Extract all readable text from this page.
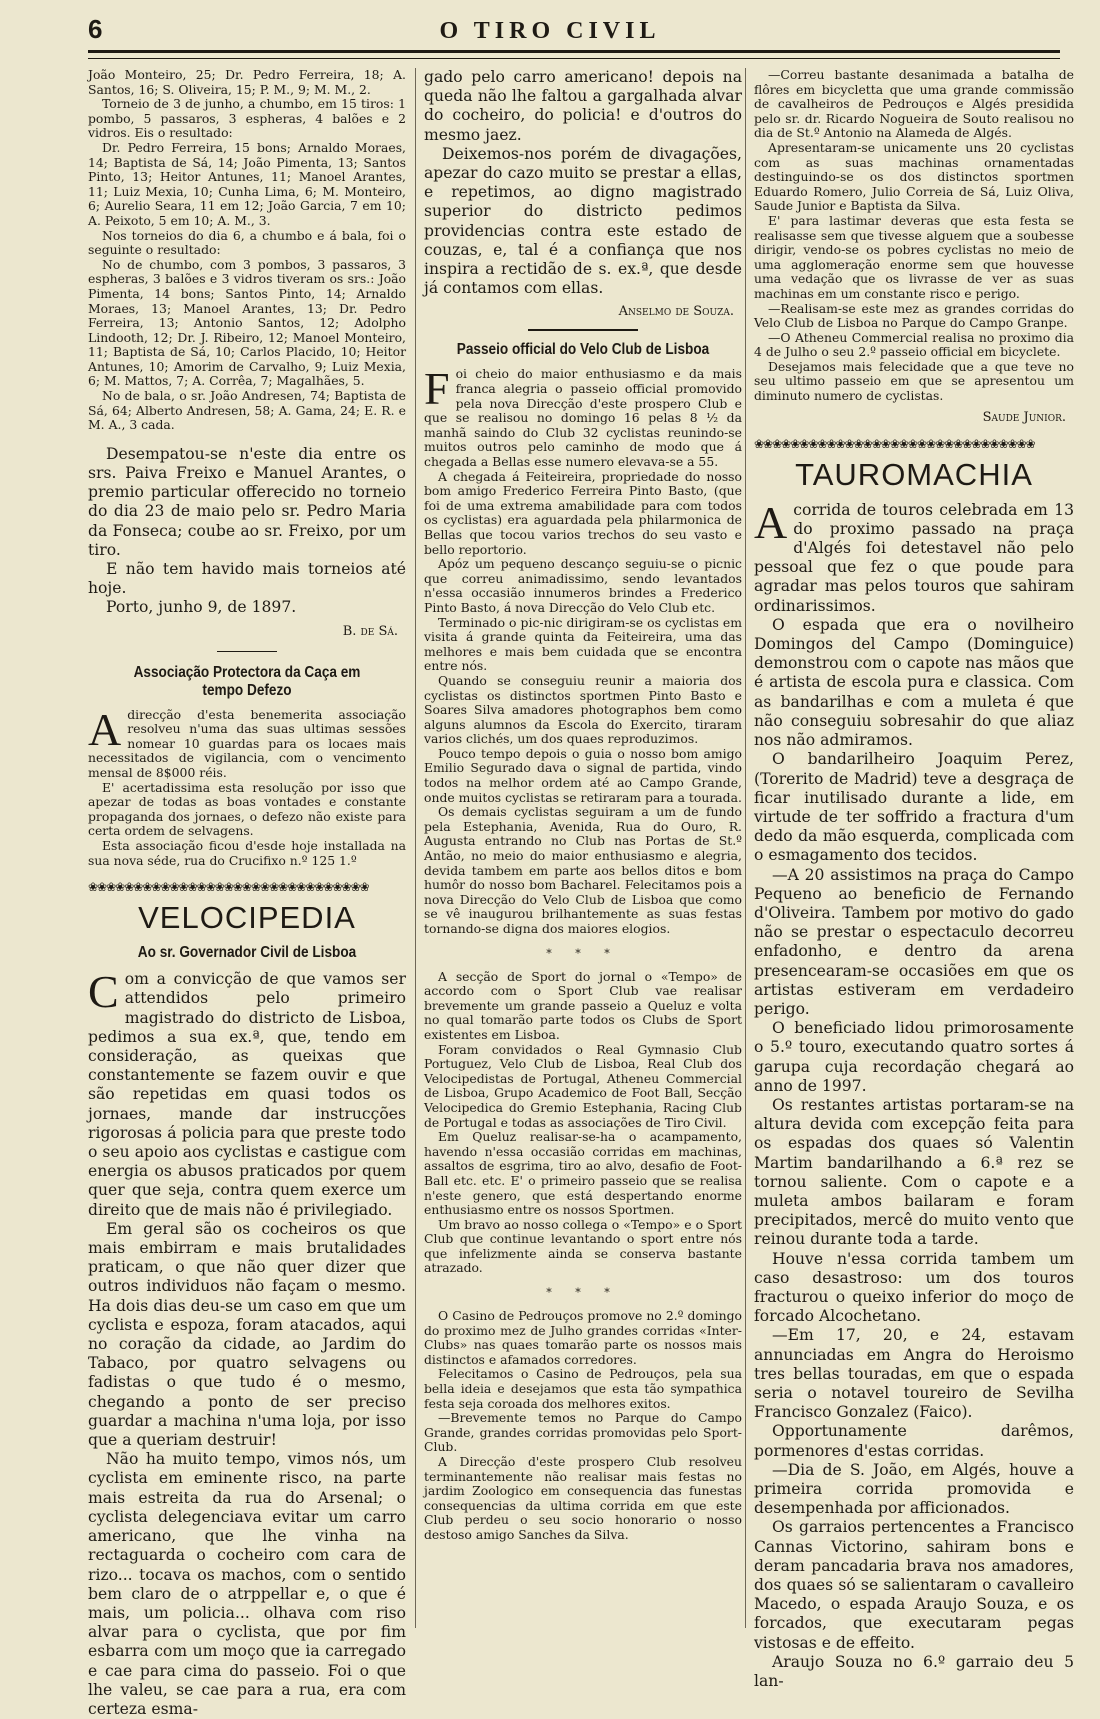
6	O TIRO CIVIL

João Monteiro, 25; Dr. Pedro Ferreira, 18; A. Santos, 16; S. Oliveira, 15; P. M., 9; M. M., 2.

Torneio de 3 de junho, a chumbo, em 15 tiros: 1 pombo, 5 passaros, 3 espheras, 4 balões e 2 vidros. Eis o resultado:

Dr. Pedro Ferreira, 15 bons; Arnaldo Moraes, 14; Baptista de Sá, 14; João Pimenta, 13; Santos Pinto, 13; Heitor Antunes, 11; Manoel Arantes, 11; Luiz Mexia, 10; Cunha Lima, 6; M. Monteiro, 6; Aurelio Seara, 11 em 12; João Garcia, 7 em 10; A. Peixoto, 5 em 10; A. M., 3.

Nos torneios do dia 6, a chumbo e á bala, foi o seguinte o resultado:

No de chumbo, com 3 pombos, 3 passaros, 3 espheras, 3 balões e 3 vidros tiveram os srs.: João Pimenta, 14 bons; Santos Pinto, 14; Arnaldo Moraes, 13; Manoel Arantes, 13; Dr. Pedro Ferreira, 13; Antonio Santos, 12; Adolpho Lindooth, 12; Dr. J. Ribeiro, 12; Manoel Monteiro, 11; Baptista de Sá, 10; Carlos Placido, 10; Heitor Antunes, 10; Amorim de Carvalho, 9; Luiz Mexia, 6; M. Mattos, 7; A. Corrêa, 7; Magalhães, 5.

No de bala, o sr. João Andresen, 74; Baptista de Sá, 64; Alberto Andresen, 58; A. Gama, 24; E. R. e M. A., 3 cada.

Desempatou-se n'este dia entre os srs. Paiva Freixo e Manuel Arantes, o premio particular offerecido no torneio do dia 23 de maio pelo sr. Pedro Maria da Fonseca; coube ao sr. Freixo, por um tiro.

E não tem havido mais torneios até hoje.

Porto, junho 9, de 1897.

B. de Sá.

Associação Protectora da Caça em tempo Defezo

Adirecção d'esta benemerita associação resolveu n'uma das suas ultimas sessões nomear 10 guardas para os locaes mais necessitados de vigilancia, com o vencimento mensal de 8$000 réis.

E' acertadissima esta resolução por isso que apezar de todas as boas vontades e constante propaganda dos jornaes, o defezo não existe para certa ordem de selvagens.

Esta associação ficou d'esde hoje installada na sua nova séde, rua do Crucifixo n.º 125 1.º

❀❀❀❀❀❀❀❀❀❀❀❀❀❀❀❀❀❀❀❀❀❀❀❀❀❀❀❀❀❀❀
VELOCIPEDIA
Ao sr. Governador Civil de Lisboa

Com a convicção de que vamos ser attendidos pelo primeiro magistrado do districto de Lisboa, pedimos a sua ex.ª, que, tendo em consideração, as queixas que constantemente se fazem ouvir e que são repetidas em quasi todos os jornaes, mande dar instrucções rigorosas á policia para que preste todo o seu apoio aos cyclistas e castigue com energia os abusos praticados por quem quer que seja, contra quem exerce um direito que de mais não é privilegiado.

Em geral são os cocheiros os que mais embirram e mais brutalidades praticam, o que não quer dizer que outros individuos não façam o mesmo. Ha dois dias deu-se um caso em que um cyclista e espoza, foram atacados, aqui no coração da cidade, ao Jardim do Tabaco, por quatro selvagens ou fadistas o que tudo é o mesmo, chegando a ponto de ser preciso guardar a machina n'uma loja, por isso que a queriam destruir!

Não ha muito tempo, vimos nós, um cyclista em eminente risco, na parte mais estreita da rua do Arsenal; o cyclista delegenciava evitar um carro americano, que lhe vinha na rectaguarda o cocheiro com cara de rizo... tocava os machos, com o sentido bem claro de o atrppellar e, o que é mais, um policia... olhava com riso alvar para o cyclista, que por fim esbarra com um moço que ia carregado e cae para cima do passeio. Foi o que lhe valeu, se cae para a rua, era com certeza esma-

gado pelo carro americano! depois na queda não lhe faltou a gargalhada alvar do cocheiro, do policia! e d'outros do mesmo jaez.

Deixemos-nos porém de divagações, apezar do cazo muito se prestar a ellas, e repetimos, ao digno magistrado superior do districto pedimos providencias contra este estado de couzas, e, tal é a confiança que nos inspira a rectidão de s. ex.ª, que desde já contamos com ellas.

Anselmo de Souza.

Passeio official do Velo Club de Lisboa

Foi cheio do maior enthusiasmo e da mais franca alegria o passeio official promovido pela nova Direcção d'este prospero Club e que se realisou no domingo 16 pelas 8 ½ da manhã saindo do Club 32 cyclistas reunindo-se muitos outros pelo caminho de modo que á chegada a Bellas esse numero elevava-se a 55.

A chegada á Feiteireira, propriedade do nosso bom amigo Frederico Ferreira Pinto Basto, (que foi de uma extrema amabilidade para com todos os cyclistas) era aguardada pela philarmonica de Bellas que tocou varios trechos do seu vasto e bello reportorio.

Apóz um pequeno descanço seguiu-se o picnic que correu animadissimo, sendo levantados n'essa occasião innumeros brindes a Frederico Pinto Basto, á nova Direcção do Velo Club etc.

Terminado o pic-nic dirigiram-se os cyclistas em visita á grande quinta da Feiteireira, uma das melhores e mais bem cuidada que se encontra entre nós.

Quando se conseguiu reunir a maioria dos cyclistas os distinctos sportmen Pinto Basto e Soares Silva amadores photographos bem como alguns alumnos da Escola do Exercito, tiraram varios clichés, um dos quaes reproduzimos.

Pouco tempo depois o guia o nosso bom amigo Emilio Segurado dava o signal de partida, vindo todos na melhor ordem até ao Campo Grande, onde muitos cyclistas se retiraram para a tourada.

Os demais cyclistas seguiram a um de fundo pela Estephania, Avenida, Rua do Ouro, R. Augusta entrando no Club nas Portas de St.º Antão, no meio do maior enthusiasmo e alegria, devida tambem em parte aos bellos ditos e bom humôr do nosso bom Bacharel. Felecitamos pois a nova Direcção do Velo Club de Lisboa que como se vê inaugurou brilhantemente as suas festas tornando-se digna dos maiores elogios.

* * *

A secção de Sport do jornal o «Tempo» de accordo com o Sport Club vae realisar brevemente um grande passeio a Queluz e volta no qual tomarão parte todos os Clubs de Sport existentes em Lisboa.

Foram convidados o Real Gymnasio Club Portuguez, Velo Club de Lisboa, Real Club dos Velocipedistas de Portugal, Atheneu Commercial de Lisboa, Grupo Academico de Foot Ball, Secção Velocipedica do Gremio Estephania, Racing Club de Portugal e todas as associações de Tiro Civil.

Em Queluz realisar-se-ha o acampamento, havendo n'essa occasião corridas em machinas, assaltos de esgrima, tiro ao alvo, desafio de Foot-Ball etc. etc. E' o primeiro passeio que se realisa n'este genero, que está despertando enorme enthusiasmo entre os nossos Sportmen.

Um bravo ao nosso collega o «Tempo» e o Sport Club que continue levantando o sport entre nós que infelizmente ainda se conserva bastante atrazado.

* * *

O Casino de Pedrouços promove no 2.º domingo do proximo mez de Julho grandes corridas «Inter-Clubs» nas quaes tomarão parte os nossos mais distinctos e afamados corredores.

Felecitamos o Casino de Pedrouços, pela sua bella ideia e desejamos que esta tão sympathica festa seja coroada dos melhores exitos.

—Brevemente temos no Parque do Campo Grande, grandes corridas promovidas pelo Sport-Club.

A Direcção d'este prospero Club resolveu terminantemente não realisar mais festas no jardim Zoologico em consequencia das funestas consequencias da ultima corrida em que este Club perdeu o seu socio honorario o nosso destoso amigo Sanches da Silva.

—Correu bastante desanimada a batalha de flôres em bicycletta que uma grande commissão de cavalheiros de Pedrouços e Algés presidida pelo sr. dr. Ricardo Nogueira de Souto realisou no dia de St.º Antonio na Alameda de Algés.

Apresentaram-se unicamente uns 20 cyclistas com as suas machinas ornamentadas destinguindo-se os dos distinctos sportmen Eduardo Romero, Julio Correia de Sá, Luiz Oliva, Saude Junior e Baptista da Silva.

E' para lastimar deveras que esta festa se realisasse sem que tivesse alguem que a soubesse dirigir, vendo-se os pobres cyclistas no meio de uma agglomeração enorme sem que houvesse uma vedação que os livrasse de ver as suas machinas em um constante risco e perigo.

—Realisam-se este mez as grandes corridas do Velo Club de Lisboa no Parque do Campo Granpe.

—O Atheneu Commercial realisa no proximo dia 4 de Julho o seu 2.º passeio official em bicyclete.

Desejamos mais felecidade que a que teve no seu ultimo passeio em que se apresentou um diminuto numero de cyclistas.

Saude Junior.

❀❀❀❀❀❀❀❀❀❀❀❀❀❀❀❀❀❀❀❀❀❀❀❀❀❀❀❀❀❀❀
TAUROMACHIA

Acorrida de touros celebrada em 13 do proximo passado na praça d'Algés foi detestavel não pelo pessoal que fez o que poude para agradar mas pelos touros que sahiram ordinarissimos.

O espada que era o novilheiro Domingos del Campo (Dominguice) demonstrou com o capote nas mãos que é artista de escola pura e classica. Com as bandarilhas e com a muleta é que não conseguiu sobresahir do que aliaz nos não admiramos.

O bandarilheiro Joaquim Perez, (Torerito de Madrid) teve a desgraça de ficar inutilisado durante a lide, em virtude de ter soffrido a fractura d'um dedo da mão esquerda, complicada com o esmagamento dos tecidos.

—A 20 assistimos na praça do Campo Pequeno ao beneficio de Fernando d'Oliveira. Tambem por motivo do gado não se prestar o espectaculo decorreu enfadonho, e dentro da arena presencearam-se occasiões em que os artistas estiveram em verdadeiro perigo.

O beneficiado lidou primorosamente o 5.º touro, executando quatro sortes á garupa cuja recordação chegará ao anno de 1997.

Os restantes artistas portaram-se na altura devida com excepção feita para os espadas dos quaes só Valentin Martim bandarilhando a 6.ª rez se tornou saliente. Com o capote e a muleta ambos bailaram e foram precipitados, mercê do muito vento que reinou durante toda a tarde.

Houve n'essa corrida tambem um caso desastroso: um dos touros fracturou o queixo inferior do moço de forcado Alcochetano.

—Em 17, 20, e 24, estavam annunciadas em Angra do Heroismo tres bellas touradas, em que o espada seria o notavel toureiro de Sevilha Francisco Gonzalez (Faico).

Opportunamente darêmos, pormenores d'estas corridas.

—Dia de S. João, em Algés, houve a primeira corrida promovida e desempenhada por afficionados.

Os garraios pertencentes a Francisco Cannas Victorino, sahiram bons e deram pancadaria brava nos amadores, dos quaes só se salientaram o cavalleiro Macedo, o espada Araujo Souza, e os forcados, que executaram pegas vistosas e de effeito.

Araujo Souza no 6.º garraio deu 5 lan-
